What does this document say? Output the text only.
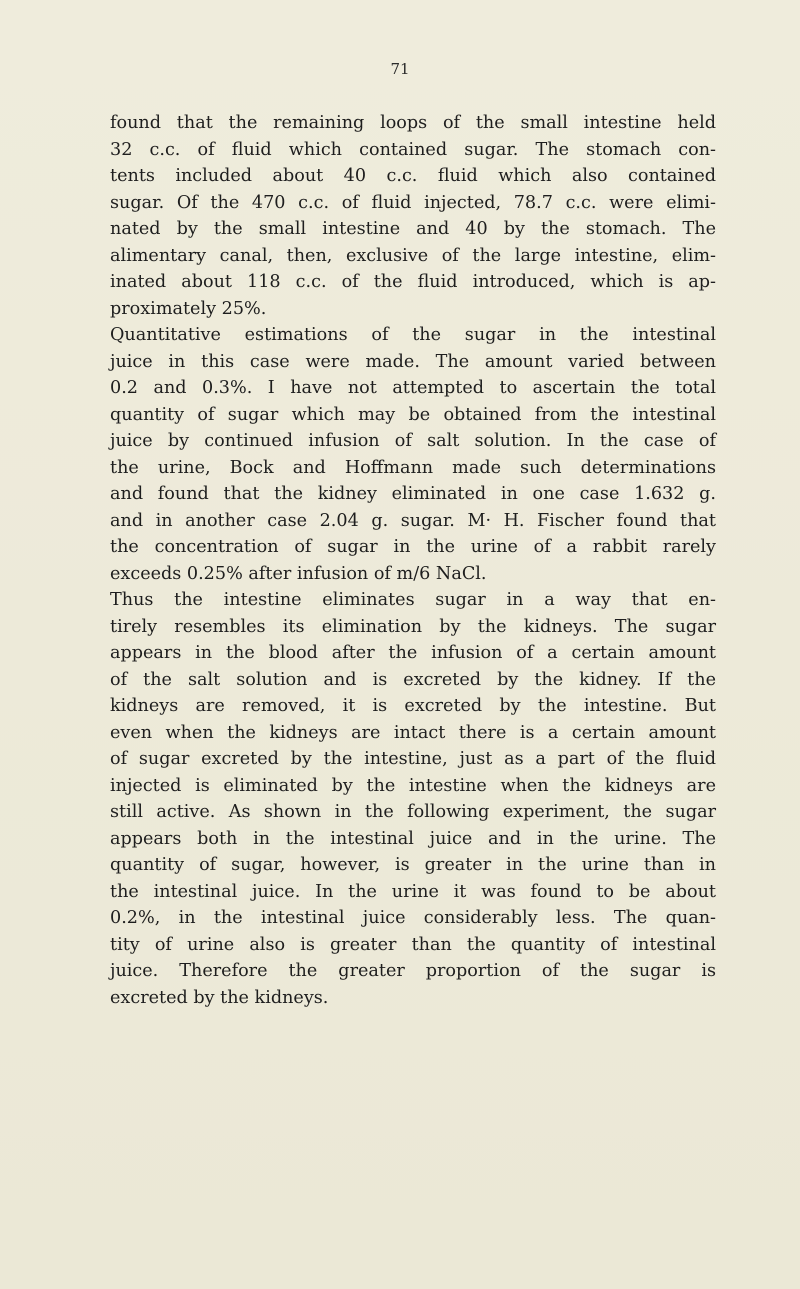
71
found that the remaining loops of the small intestine held
32 c.c. of fluid which contained sugar. The stomach con-
tents included about 40 c.c. fluid which also contained
sugar. Of the 470 c.c. of fluid injected, 78.7 c.c. were elimi-
nated by the small intestine and 40 by the stomach. The
alimentary canal, then, exclusive of the large intestine, elim-
inated about 118 c.c. of the fluid introduced, which is ap-
proximately 25%.
Quantitative estimations of the sugar in the intestinal
juice in this case were made. The amount varied between
0.2 and 0.3%. I have not attempted to ascertain the total
quantity of sugar which may be obtained from the intestinal
juice by continued infusion of salt solution. In the case of
the urine, Bock and Hoffmann made such determinations
and found that the kidney eliminated in one case 1.632 g.
and in another case 2.04 g. sugar. M· H. Fischer found that
the concentration of sugar in the urine of a rabbit rarely
exceeds 0.25% after infusion of m/6 NaCl.
Thus the intestine eliminates sugar in a way that en-
tirely resembles its elimination by the kidneys. The sugar
appears in the blood after the infusion of a certain amount
of the salt solution and is excreted by the kidney. If the
kidneys are removed, it is excreted by the intestine. But
even when the kidneys are intact there is a certain amount
of sugar excreted by the intestine, just as a part of the fluid
injected is eliminated by the intestine when the kidneys are
still active. As shown in the following experiment, the sugar
appears both in the intestinal juice and in the urine. The
quantity of sugar, however, is greater in the urine than in
the intestinal juice. In the urine it was found to be about
0.2%, in the intestinal juice considerably less. The quan-
tity of urine also is greater than the quantity of intestinal
juice. Therefore the greater proportion of the sugar is
excreted by the kidneys.
